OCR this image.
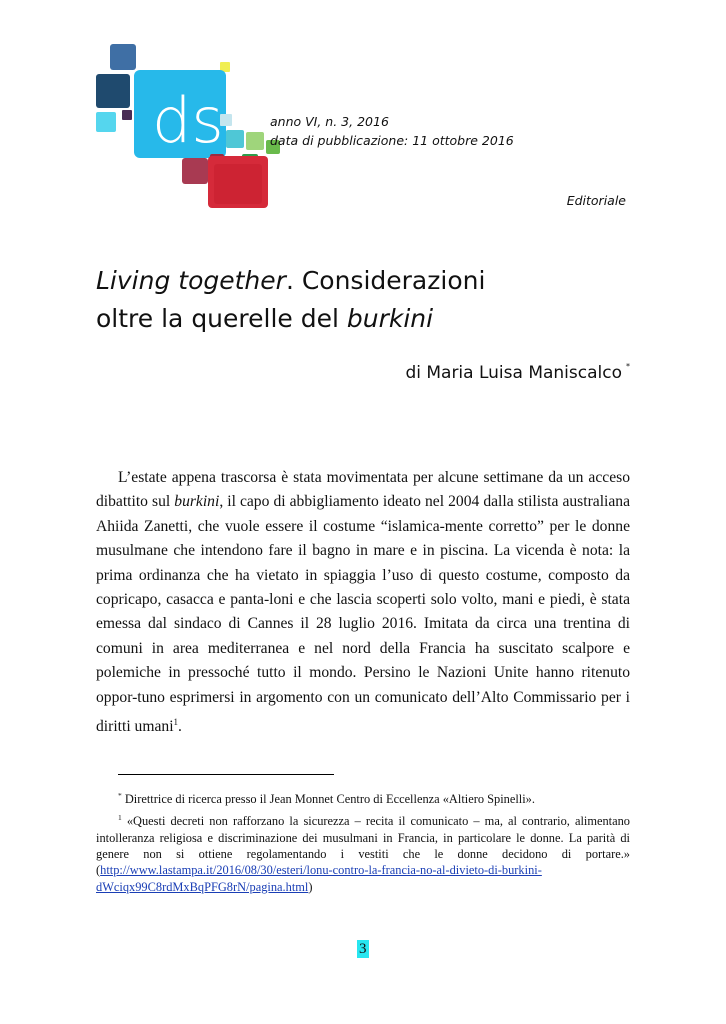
ds	anno VI, n. 3, 2016
data di pubblicazione: 11 ottobre 2016
Editoriale
Living together. Considerazioni
oltre la querelle del burkini
di Maria Luisa Maniscalco *

L’estate appena trascorsa è stata movimentata per alcune settimane da un acceso dibattito sul burkini, il capo di abbigliamento ideato nel 2004 dalla stilista australiana Ahiida Zanetti, che vuole essere il costume “islamica-mente corretto” per le donne musulmane che intendono fare il bagno in mare e in piscina. La vicenda è nota: la prima ordinanza che ha vietato in spiaggia l’uso di questo costume, composto da copricapo, casacca e panta-loni e che lascia scoperti solo volto, mani e piedi, è stata emessa dal sindaco di Cannes il 28 luglio 2016. Imitata da circa una trentina di comuni in area mediterranea e nel nord della Francia ha suscitato scalpore e polemiche in pressoché tutto il mondo. Persino le Nazioni Unite hanno ritenuto oppor-tuno esprimersi in argomento con un comunicato dell’Alto Commissario per i diritti umani$^1$.

* Direttrice di ricerca presso il Jean Monnet Centro di Eccellenza «Altiero Spinelli».

$^1$ «Questi decreti non rafforzano la sicurezza – recita il comunicato – ma, al contrario, alimentano intolleranza religiosa e discriminazione dei musulmani in Francia, in particolare le donne. La parità di genere non si ottiene regolamentando i vestiti che le donne decidono di portare.» (http://www.lastampa.it/2016/08/30/esteri/lonu-contro-la-francia-no-al-divieto-di-burkini-dWciqx99C8rdMxBqPFG8rN/pagina.html)

3
